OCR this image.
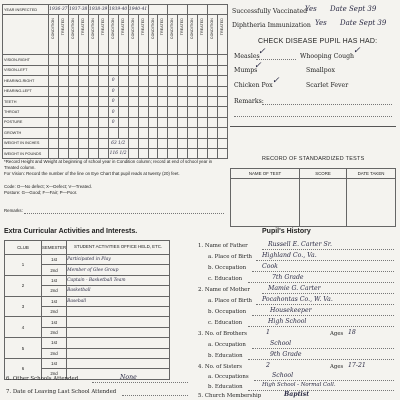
YEAR INSPECTED	1936-37		1937-38		1938-39		1939-40		1940-41									

	CONDITION	TREATED	CONDITION	TREATED	CONDITION	TREATED	CONDITION	TREATED	CONDITION	TREATED	CONDITION	TREATED	CONDITION	TREATED	CONDITION	TREATED	CONDITION	TREATED

VISION-RIGHT																		
VISION-LEFT																		
HEARING-RIGHT							0											
HEARING-LEFT							0											
TEETH							0											
THROAT							0											
POSTURE							0											
GROWTH																		
WEIGHT IN INCHES							63 1/2											
WEIGHT IN POUNDS							116 1/2											
*Record Height and Weight at beginning of school year in Condition column; record at end of school year in Treated column.
For Vision: Record the number of the line on Eye Chart that pupil reads at twenty (20) feet.
Code: O—No defect; X—Defect; V—Treated.
Posture: G—Good; F—Fair; P—Poor.
Remarks:
Successfully Vaccinated
Yes Date Sept 39
Diphtheria Immunization Yes Date Sept 39
CHECK DISEASE PUPIL HAS HAD:
Measles
✓	Whooping Cough
✓
Mumps
✓	Smallpox
Chicken Pox ✓	Scarlet Fever
Remarks:
RECORD OF STANDARDIZED TESTS
NAME OF TEST	SCORE	DATE TAKEN

Extra Curricular Activities and Interests.
CLUB	SEMESTER	STUDENT ACTIVITIES OFFICE HELD, ETC.
1	1st	Participated in Play
	2nd	Member of Glee Group
2	1st	Captain - Basketball Team
	2nd	Basketball
3	1st	Baseball
	2nd	
4	1st	
	2nd	
5	1st	
	2nd	
6	1st	
	2nd	
Pupil's History
1. Name of Father	Russell E. Carter Sr.
a. Place of Birth Highland Co., Va.
b. Occupation	Cook
c. Education	7th Grade
2. Name of Mother	Mamie G. Carter
a. Place of Birth Pocahontas Co., W. Va.
b. Occupation	Housekeeper
c. Education	High School
3. No. of Brothers	1	Ages 18
a. Occupation	School
b. Education	9th Grade
4. No. of Sisters	2	Ages 17-21
a. Occupations	School
b. Education	High School - Normal Coll.
5. Church Membership	Baptist
6. Other Schools Attended	None
7. Date of Leaving Last School Attended
